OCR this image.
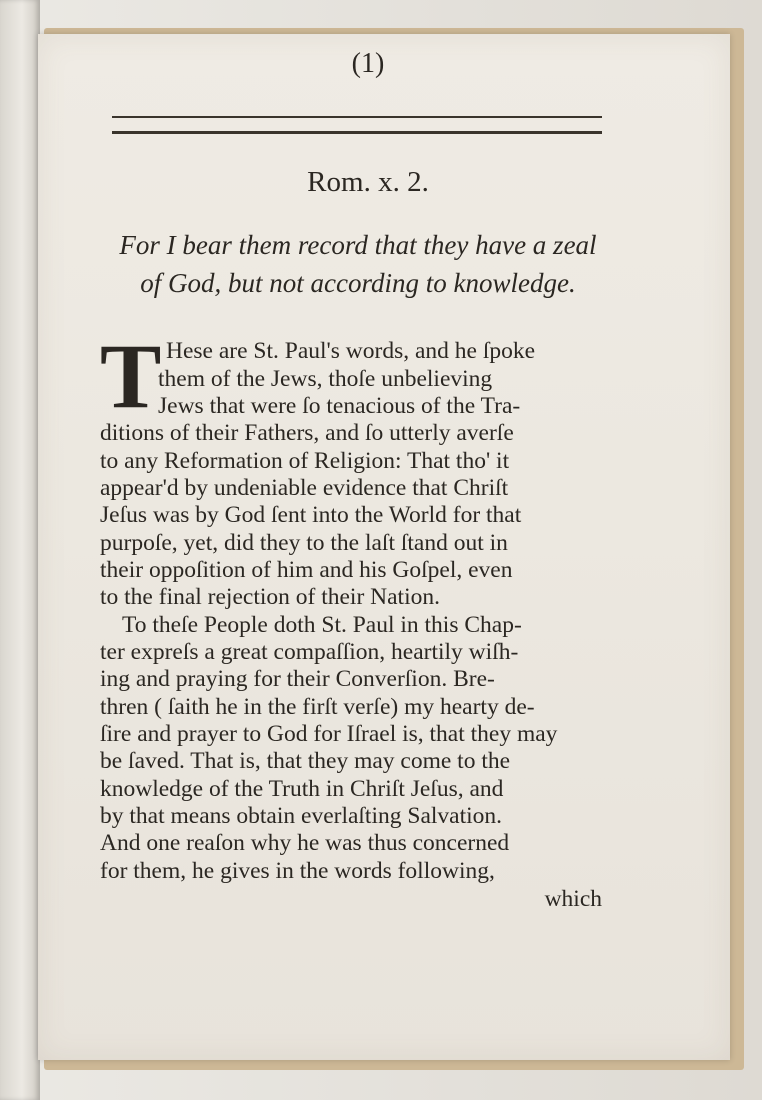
(1)
Rom. x. 2.
For I bear them record that they have a zeal
of God, but not according to knowledge.
T Hese are St. Paul's words, and he ſpoke
them of the Jews, thoſe unbelieving
Jews that were ſo tenacious of the Tra-
ditions of their Fathers, and ſo utterly averſe
to any Reformation of Religion: That tho' it
appear'd by undeniable evidence that Chriſt
Jeſus was by God ſent into the World for that
purpoſe, yet, did they to the laſt ſtand out in
their oppoſition of him and his Goſpel, even
to the final rejection of their Nation.
To theſe People doth St. Paul in this Chap-
ter expreſs a great compaſſion, heartily wiſh-
ing and praying for their Converſion. Bre-
thren ( ſaith he in the firſt verſe) my hearty de-
ſire and prayer to God for Iſrael is, that they may
be ſaved. That is, that they may come to the
knowledge of the Truth in Chriſt Jeſus, and
by that means obtain everlaſting Salvation.
And one reaſon why he was thus concerned
for them, he gives in the words following,
which
